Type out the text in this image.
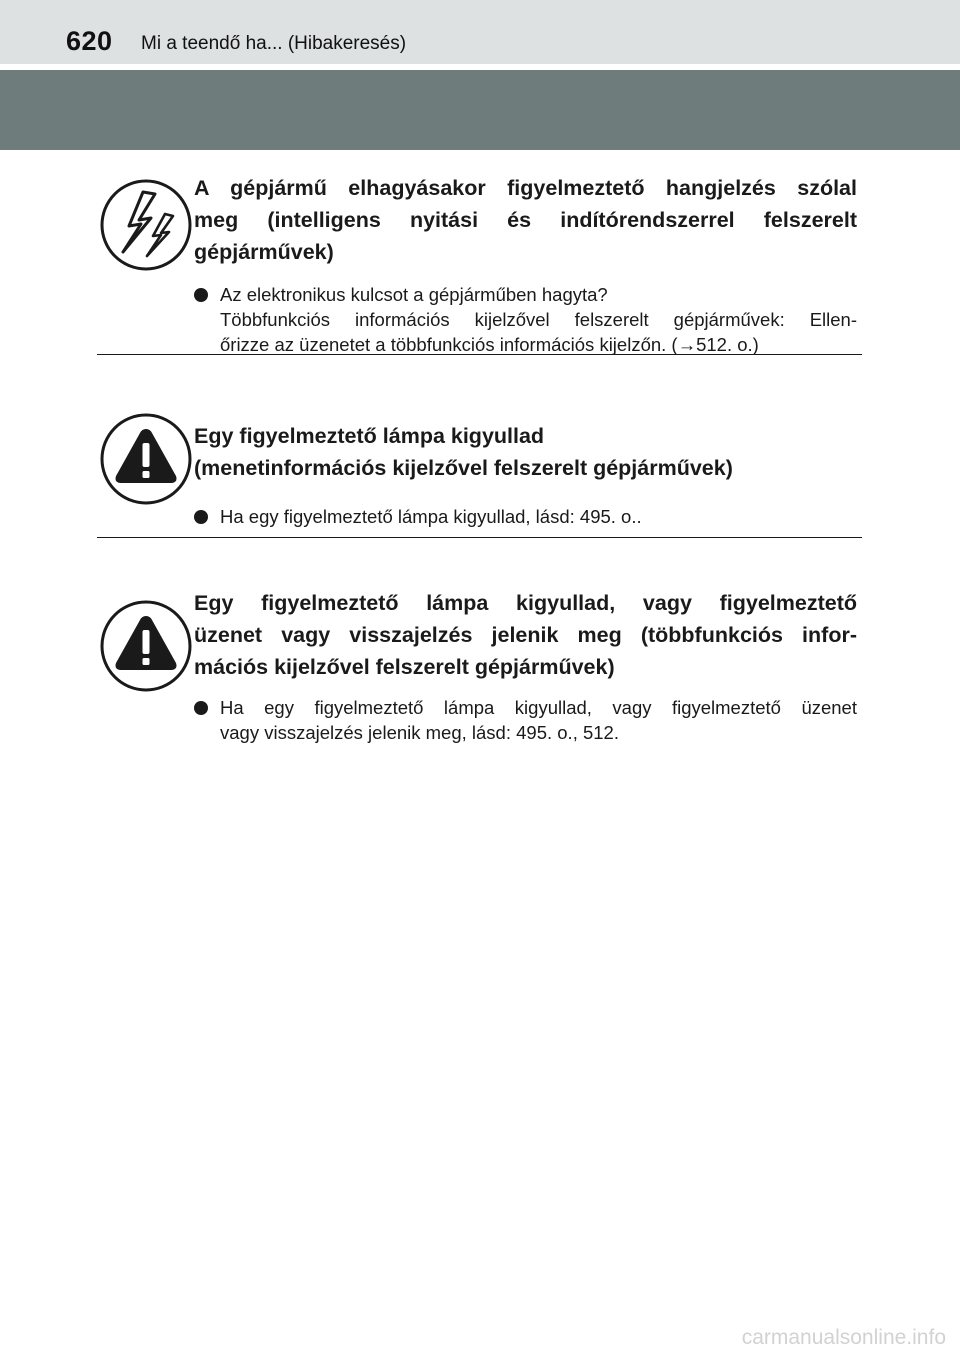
620 Mi a teendő ha... (Hibakeresés)
A gépjármű elhagyásakor figyelmeztető hangjelzés szólal
meg (intelligens nyitási és indítórendszerrel felszerelt
gépjárművek)
Az elektronikus kulcsot a gépjárműben hagyta?
Többfunkciós információs kijelzővel felszerelt gépjárművek: Ellen-
őrizze az üzenetet a többfunkciós információs kijelzőn. (→512. o.)
Egy figyelmeztető lámpa kigyullad
(menetinformációs kijelzővel felszerelt gépjárművek)
Ha egy figyelmeztető lámpa kigyullad, lásd: 495. o..
Egy figyelmeztető lámpa kigyullad, vagy figyelmeztető
üzenet vagy visszajelzés jelenik meg (többfunkciós infor-
mációs kijelzővel felszerelt gépjárművek)
Ha egy figyelmeztető lámpa kigyullad, vagy figyelmeztető üzenet
vagy visszajelzés jelenik meg, lásd: 495. o., 512.
carmanualsonline.info
